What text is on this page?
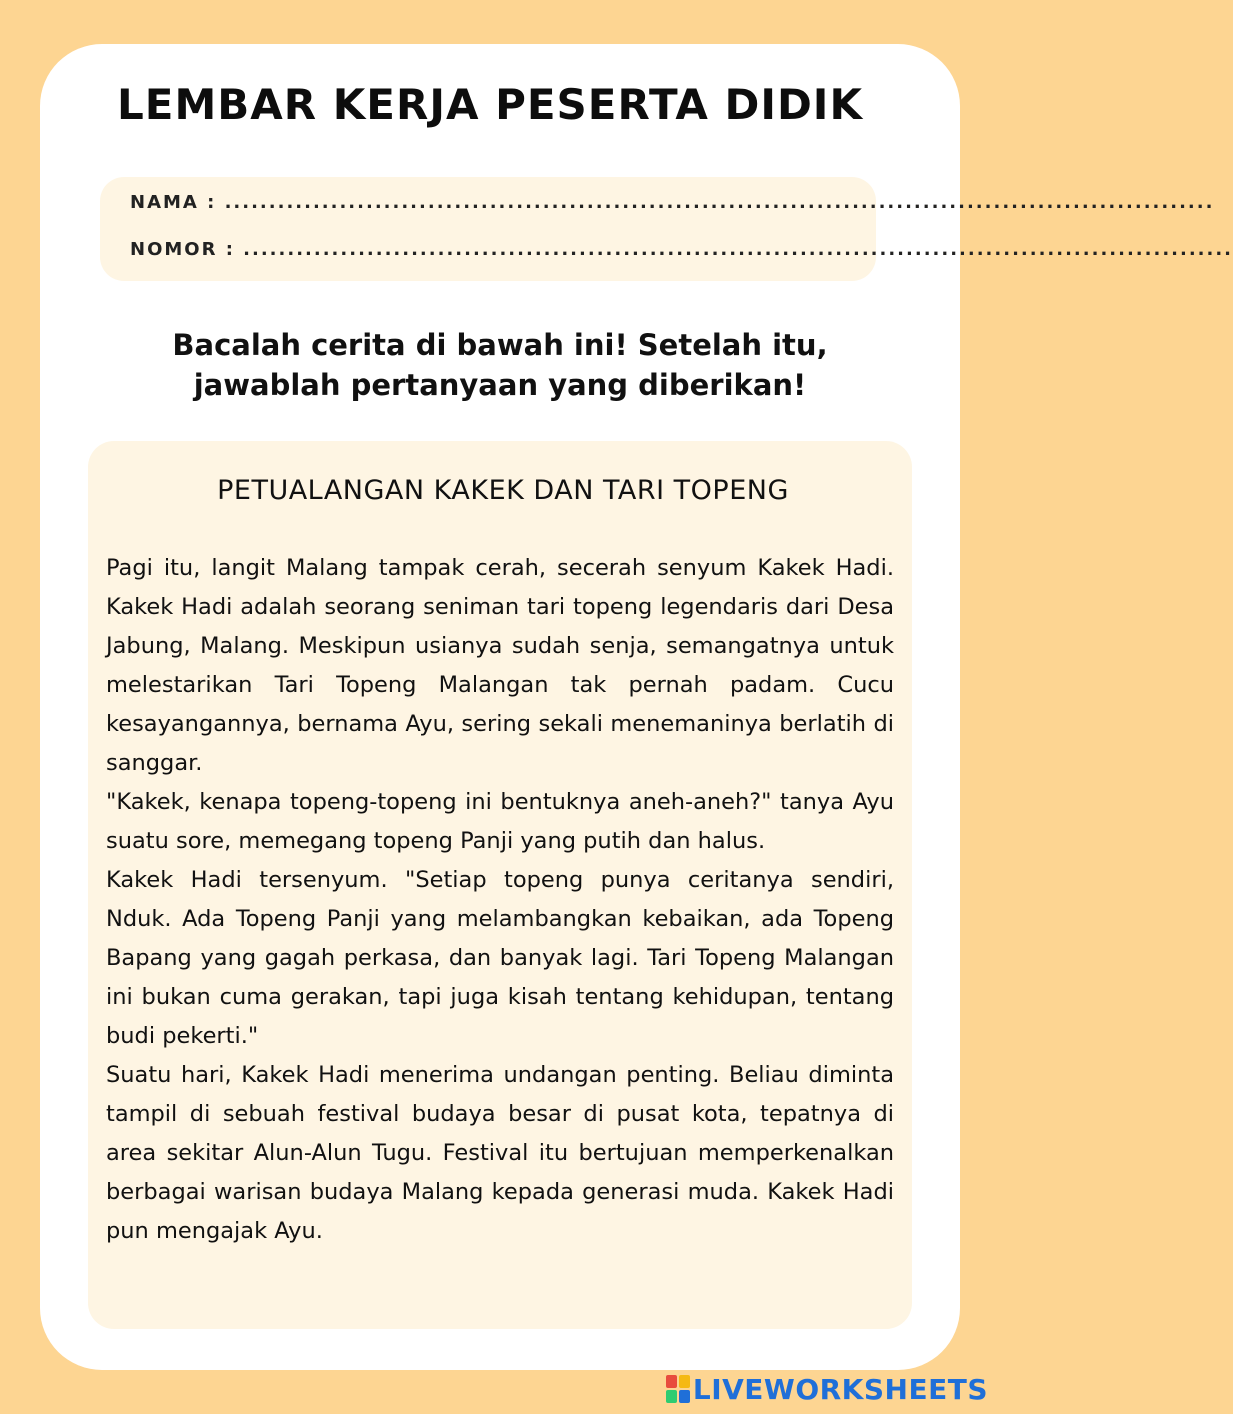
LEMBAR KERJA PESERTA DIDIK
NAMA : ................................................................................................................
NOMOR : ................................................................................................................
Bacalah cerita di bawah ini! Setelah itu, jawablah pertanyaan yang diberikan!
PETUALANGAN KAKEK DAN TARI TOPENG

Pagi itu, langit Malang tampak cerah, secerah senyum Kakek Hadi. Kakek Hadi adalah seorang seniman tari topeng legendaris dari Desa Jabung, Malang. Meskipun usianya sudah senja, semangatnya untuk melestarikan Tari Topeng Malangan tak pernah padam. Cucu kesayangannya, bernama Ayu, sering sekali menemaninya berlatih di sanggar.

"Kakek, kenapa topeng-topeng ini bentuknya aneh-aneh?" tanya Ayu suatu sore, memegang topeng Panji yang putih dan halus.

Kakek Hadi tersenyum. "Setiap topeng punya ceritanya sendiri, Nduk. Ada Topeng Panji yang melambangkan kebaikan, ada Topeng Bapang yang gagah perkasa, dan banyak lagi. Tari Topeng Malangan ini bukan cuma gerakan, tapi juga kisah tentang kehidupan, tentang budi pekerti."

Suatu hari, Kakek Hadi menerima undangan penting. Beliau diminta tampil di sebuah festival budaya besar di pusat kota, tepatnya di area sekitar Alun-Alun Tugu. Festival itu bertujuan memperkenalkan berbagai warisan budaya Malang kepada generasi muda. Kakek Hadi pun mengajak Ayu.

LIVEWORKSHEETS
